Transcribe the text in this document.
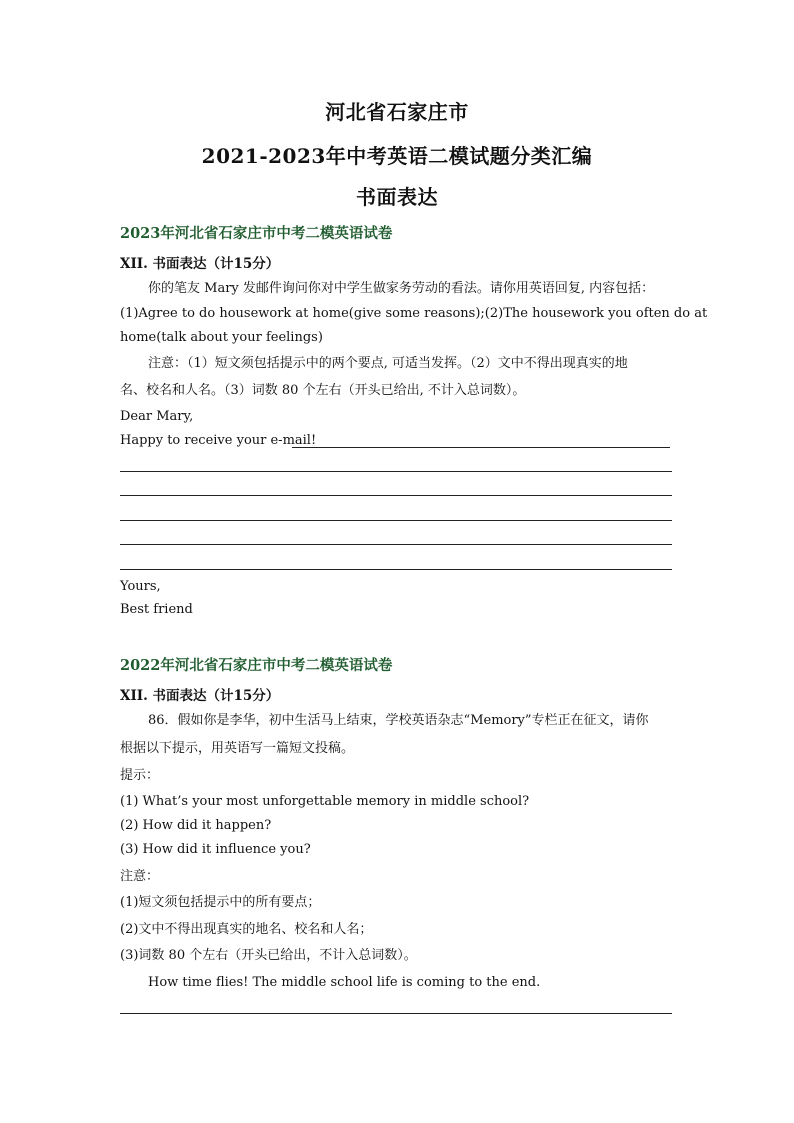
河北省石家庄市
2021-2023年中考英语二模试题分类汇编
书面表达
2023年河北省石家庄市中考二模英语试卷
XII. 书面表达（计15分）
你的笔友 Mary 发邮件询问你对中学生做家务劳动的看法。请你用英语回复, 内容包括：
(1)Agree to do housework at home(give some reasons);(2)The housework you often do at
home(talk about your feelings)
注意：（1）短文须包括提示中的两个要点, 可适当发挥。（2）文中不得出现真实的地
名、校名和人名。（3）词数 80 个左右（开头已给出, 不计入总词数）。
Dear Mary,
Happy to receive your e-mail!
Yours,
Best friend
2022年河北省石家庄市中考二模英语试卷
XII. 书面表达（计15分）
86．假如你是李华，初中生活马上结束，学校英语杂志“Memory”专栏正在征文，请你
根据以下提示，用英语写一篇短文投稿。
提示：
(1) What’s your most unforgettable memory in middle school?
(2) How did it happen?
(3) How did it influence you?
注意：
(1)短文须包括提示中的所有要点；
(2)文中不得出现真实的地名、校名和人名；
(3)词数 80 个左右（开头已给出，不计入总词数）。
How time flies! The middle school life is coming to the end.
